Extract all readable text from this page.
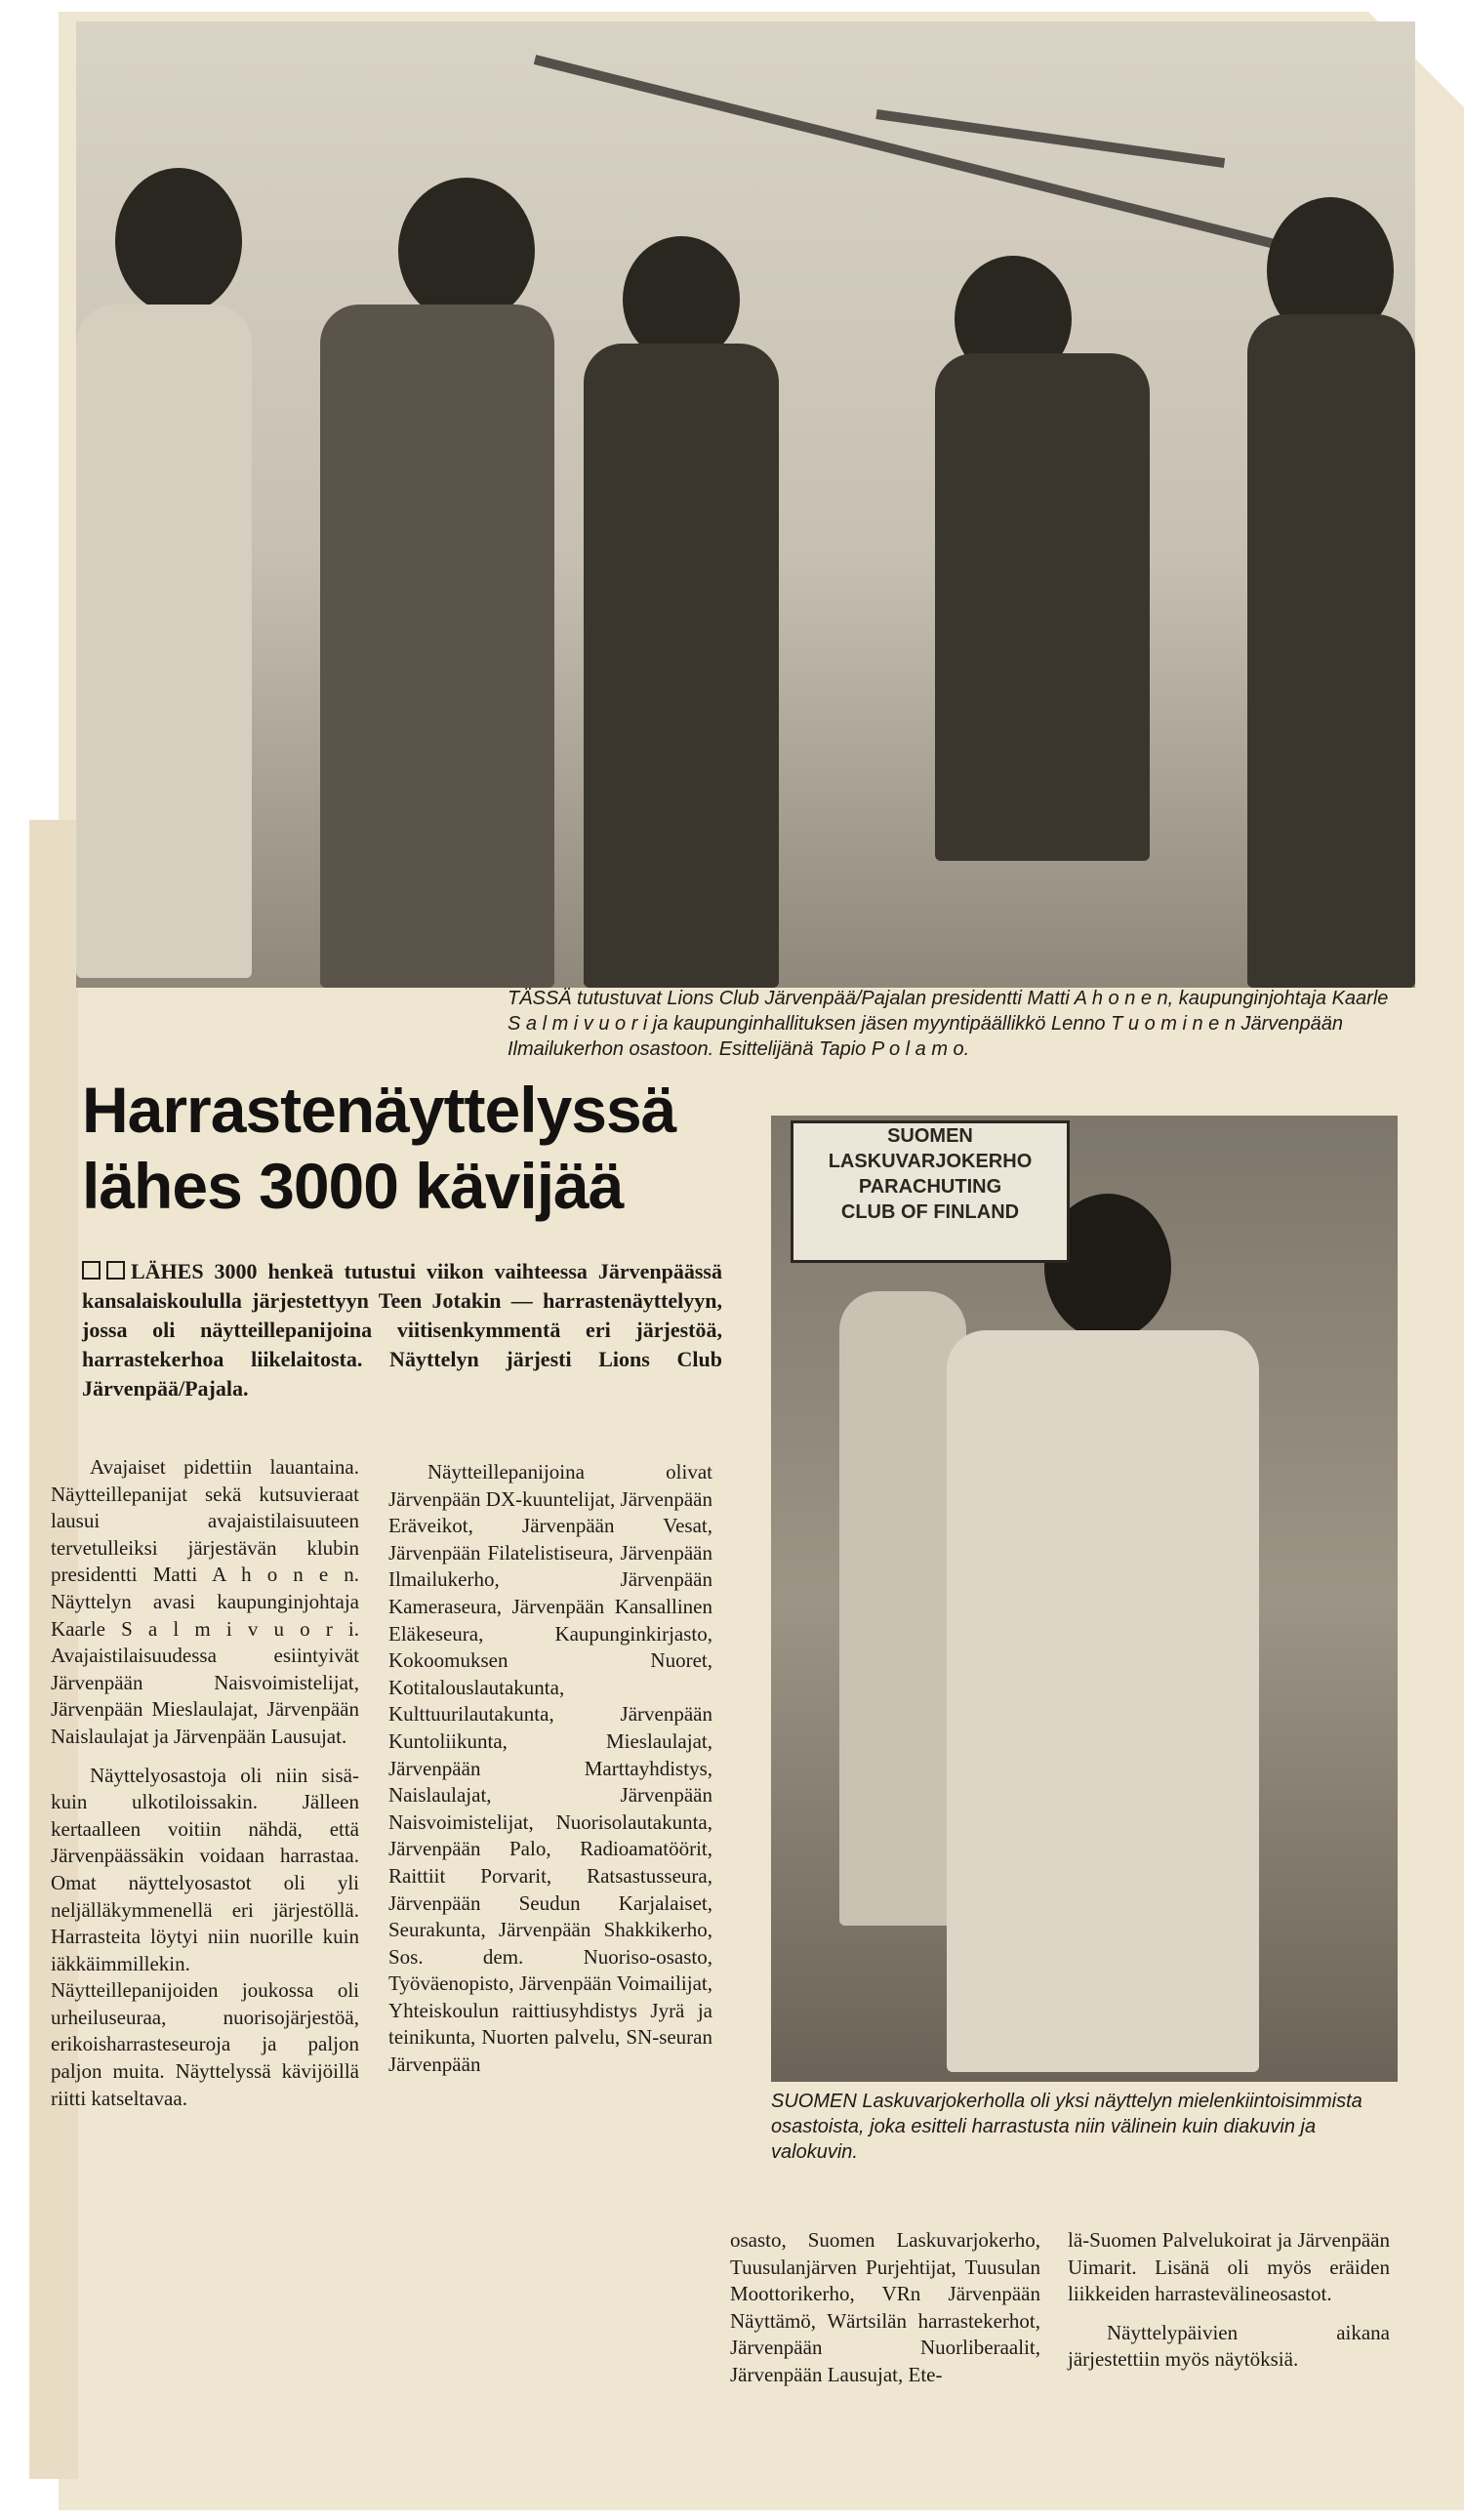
TÄSSÄ tutustuvat Lions Club Järvenpää/Pajalan presidentti Matti A h o n e n, kaupunginjohtaja Kaarle S a l m i v u o r i ja kaupunginhallituksen jäsen myyntipäällikkö Lenno T u o m i n e n Järvenpään Ilmailukerhon osastoon. Esittelijänä Tapio P o l a m o.
Harrastenäyttelyssä lähes 3000 kävijää
LÄHES 3000 henkeä tutustui viikon vaihteessa Järvenpäässä kansalaiskoululla järjestettyyn Teen Jotakin — harrastenäyttelyyn, jossa oli näytteillepanijoina viitisenkymmentä eri järjestöä, harrastekerhoa liikelaitosta. Näyttelyn järjesti Lions Club Järvenpää/Pajala.
SUOMEN
LASKUVARJOKERHO
PARACHUTING
CLUB OF FINLAND
SUOMEN Laskuvarjokerholla oli yksi näyttelyn mielenkiintoisimmista osastoista, joka esitteli harrastusta niin välinein kuin diakuvin ja valokuvin.

Avajaiset pidettiin lauantaina. Näytteillepanijat sekä kutsuvieraat lausui avajaistilaisuuteen tervetulleiksi järjestävän klubin presidentti Matti A h o n e n. Näyttelyn avasi kaupunginjohtaja Kaarle S a l m i v u o r i. Avajaistilaisuudessa esiintyivät Järvenpään Naisvoimistelijat, Järvenpään Mieslaulajat, Järvenpään Naislaulajat ja Järvenpään Lausujat.

Näyttelyosastoja oli niin sisä- kuin ulkotiloissakin. Jälleen kertaalleen voitiin nähdä, että Järvenpäässäkin voidaan harrastaa. Omat näyttelyosastot oli yli neljälläkymmenellä eri järjestöllä. Harrasteita löytyi niin nuorille kuin iäkkäimmillekin. Näytteillepanijoiden joukossa oli urheiluseuraa, nuorisojärjestöä, erikoisharrasteseuroja ja paljon paljon muita. Näyttelyssä kävijöillä riitti katseltavaa.

Näytteillepanijoina olivat Järvenpään DX-kuuntelijat, Järvenpään Eräveikot, Järvenpään Vesat, Järvenpään Filatelistiseura, Järvenpään Ilmailukerho, Järvenpään Kameraseura, Järvenpään Kansallinen Eläkeseura, Kaupunginkirjasto, Kokoomuksen Nuoret, Kotitalouslautakunta, Kulttuurilautakunta, Järvenpään Kuntoliikunta, Mieslaulajat, Järvenpään Marttayhdistys, Naislaulajat, Järvenpään Naisvoimistelijat, Nuorisolautakunta, Järvenpään Palo, Radioamatöörit, Raittiit Porvarit, Ratsastusseura, Järvenpään Seudun Karjalaiset, Seurakunta, Järvenpään Shakkikerho, Sos. dem. Nuoriso-osasto, Työväenopisto, Järvenpään Voimailijat, Yhteiskoulun raittiusyhdistys Jyrä ja teinikunta, Nuorten palvelu, SN-seuran Järvenpään

osasto, Suomen Laskuvarjokerho, Tuusulanjärven Purjehtijat, Tuusulan Moottorikerho, VRn Järvenpään Näyttämö, Wärtsilän harrastekerhot, Järvenpään Nuorliberaalit, Järvenpään Lausujat, Ete-

lä-Suomen Palvelukoirat ja Järvenpään Uimarit. Lisänä oli myös eräiden liikkeiden harrastevälineosastot.

Näyttelypäivien aikana järjestettiin myös näytöksiä.
